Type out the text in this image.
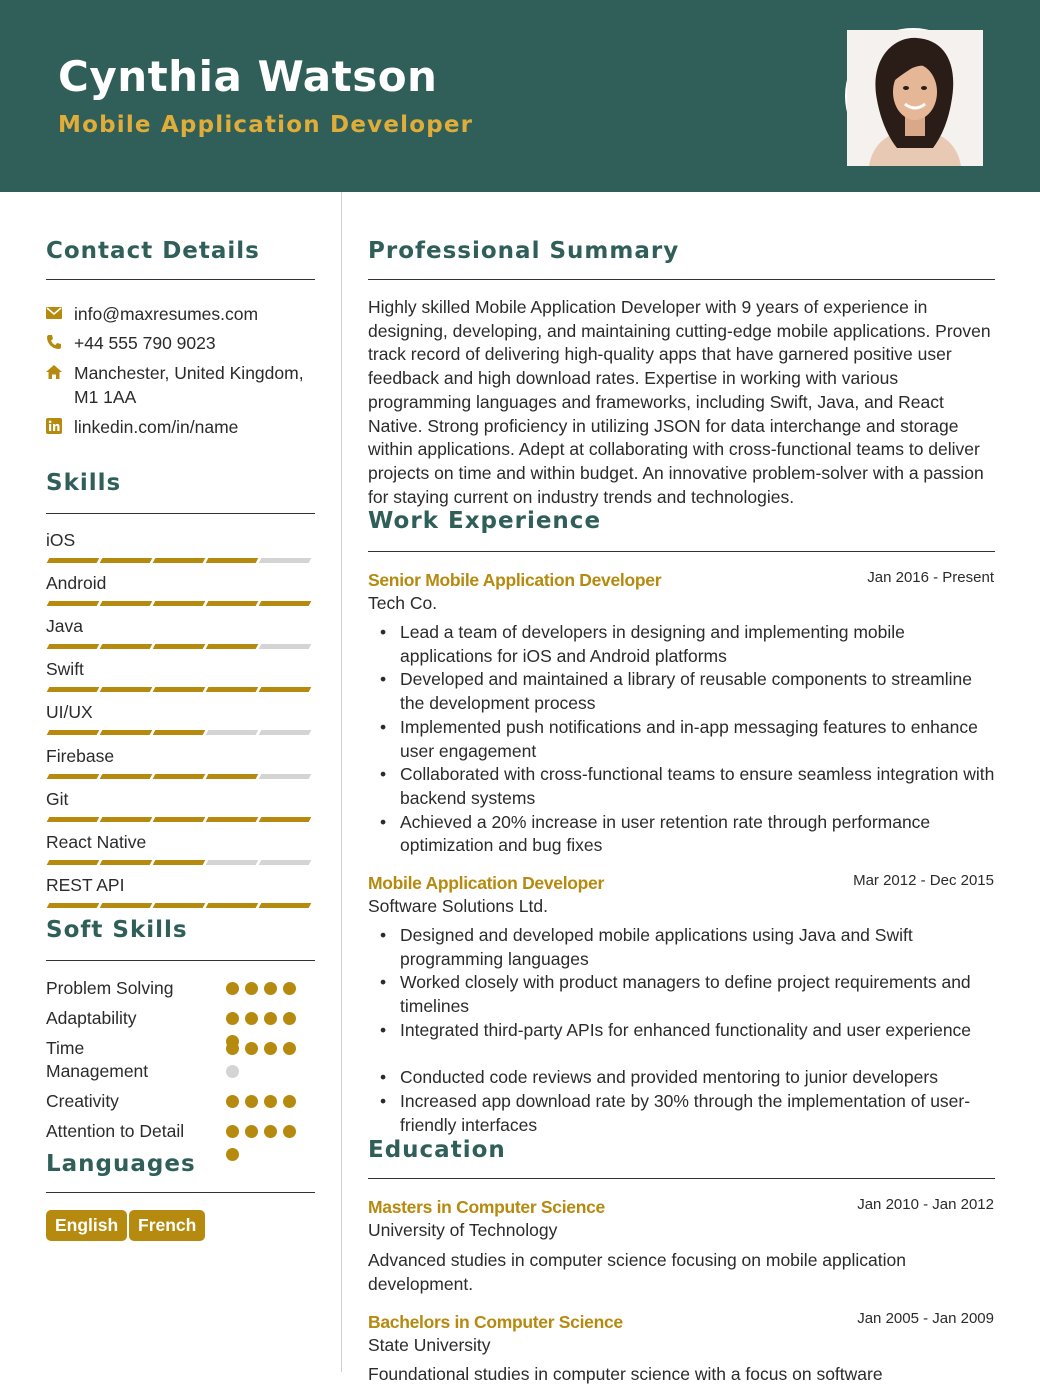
Cynthia Watson
Mobile Application Developer
Contact Details
info@maxresumes.com
+44 555 790 9023
Manchester, United Kingdom, M1 1AA
linkedin.com/in/name
Skills
iOS
Android
Java
Swift
UI/UX
Firebase
Git
React Native
REST API
Soft Skills
Problem Solving
Adaptability
Time Management
Creativity
Attention to Detail
Languages
English	French
Professional Summary
Highly skilled Mobile Application Developer with 9 years of experience in designing, developing, and maintaining cutting-edge mobile applications. Proven track record of delivering high-quality apps that have garnered positive user feedback and high download rates. Expertise in working with various programming languages and frameworks, including Swift, Java, and React Native. Strong proficiency in utilizing JSON for data interchange and storage within applications. Adept at collaborating with cross-functional teams to deliver projects on time and within budget. An innovative problem-solver with a passion for staying current on industry trends and technologies.
Work Experience
Senior Mobile Application Developer	Jan 2016 - Present
Tech Co.
• Lead a team of developers in designing and implementing mobile applications for iOS and Android platforms
• Developed and maintained a library of reusable components to streamline the development process
• Implemented push notifications and in-app messaging features to enhance user engagement
• Collaborated with cross-functional teams to ensure seamless integration with backend systems
• Achieved a 20% increase in user retention rate through performance optimization and bug fixes
Mobile Application Developer	Mar 2012 - Dec 2015
Software Solutions Ltd.
• Designed and developed mobile applications using Java and Swift programming languages
• Worked closely with product managers to define project requirements and timelines
• Integrated third-party APIs for enhanced functionality and user experience
• Conducted code reviews and provided mentoring to junior developers
• Increased app download rate by 30% through the implementation of user-friendly interfaces
Education
Masters in Computer Science	Jan 2010 - Jan 2012
University of Technology
Advanced studies in computer science focusing on mobile application development.
Bachelors in Computer Science	Jan 2005 - Jan 2009
State University
Foundational studies in computer science with a focus on software
